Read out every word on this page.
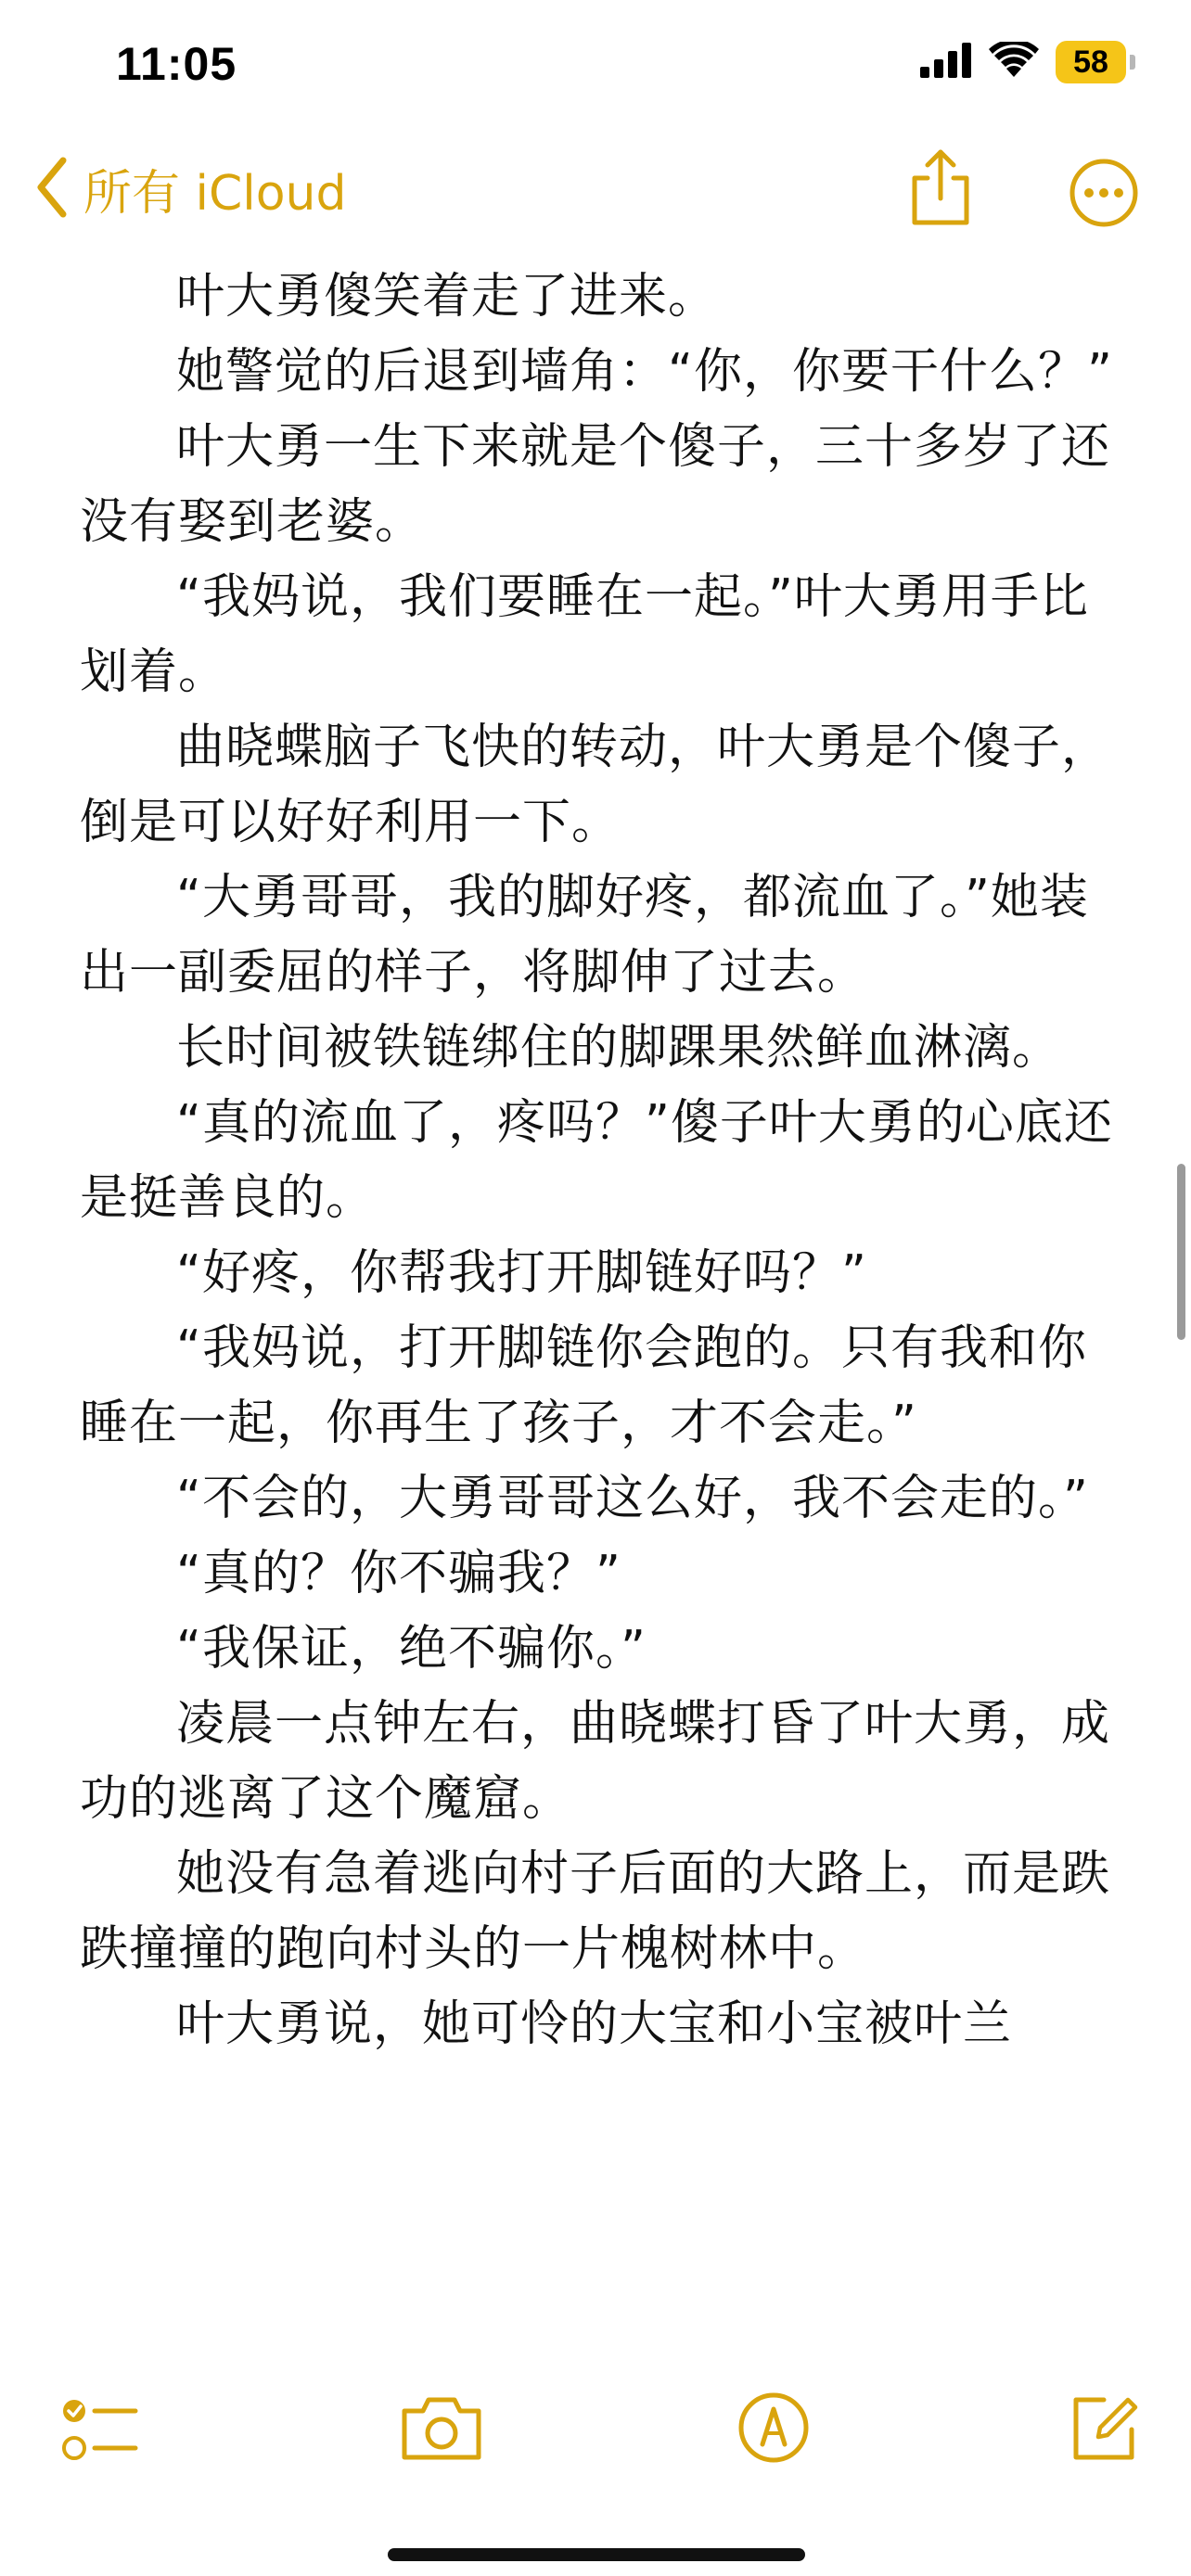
11:05	58
所有 iCloud

叶大勇傻笑着走了进来。

她警觉的后退到墙角：“你，你要干什么？”

叶大勇一生下来就是个傻子，三十多岁了还没有娶到老婆。

“我妈说，我们要睡在一起。”叶大勇用手比划着。

曲晓蝶脑子飞快的转动，叶大勇是个傻子，倒是可以好好利用一下。

“大勇哥哥，我的脚好疼，都流血了。”她装出一副委屈的样子，将脚伸了过去。

长时间被铁链绑住的脚踝果然鲜血淋漓。

“真的流血了，疼吗？”傻子叶大勇的心底还是挺善良的。

“好疼，你帮我打开脚链好吗？”

“我妈说，打开脚链你会跑的。只有我和你睡在一起，你再生了孩子，才不会走。”

“不会的，大勇哥哥这么好，我不会走的。”

“真的？你不骗我？”

“我保证，绝不骗你。”

凌晨一点钟左右，曲晓蝶打昏了叶大勇，成功的逃离了这个魔窟。

她没有急着逃向村子后面的大路上，而是跌跌撞撞的跑向村头的一片槐树林中。

叶大勇说，她可怜的大宝和小宝被叶兰
